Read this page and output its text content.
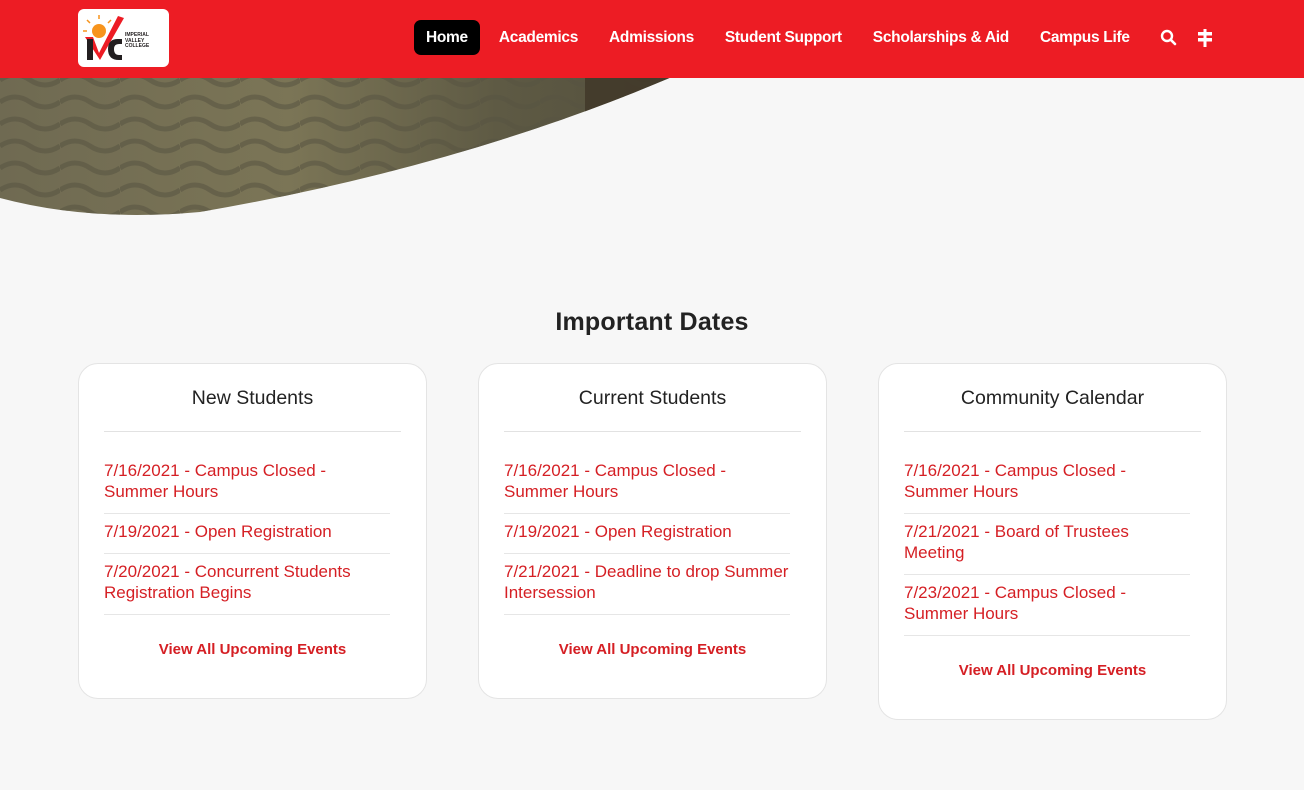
IMPERIAL VALLEY COLLEGE	Home	Academics	Admissions	Student Support	Scholarships & Aid	Campus Life
Important Dates
New Students
7/16/2021 - Campus Closed - Summer Hours
7/19/2021 - Open Registration
7/20/2021 - Concurrent Students Registration Begins
View All Upcoming Events
Current Students
7/16/2021 - Campus Closed - Summer Hours
7/19/2021 - Open Registration
7/21/2021 - Deadline to drop Summer Intersession
View All Upcoming Events
Community Calendar
7/16/2021 - Campus Closed - Summer Hours
7/21/2021 - Board of Trustees Meeting
7/23/2021 - Campus Closed - Summer Hours
View All Upcoming Events
